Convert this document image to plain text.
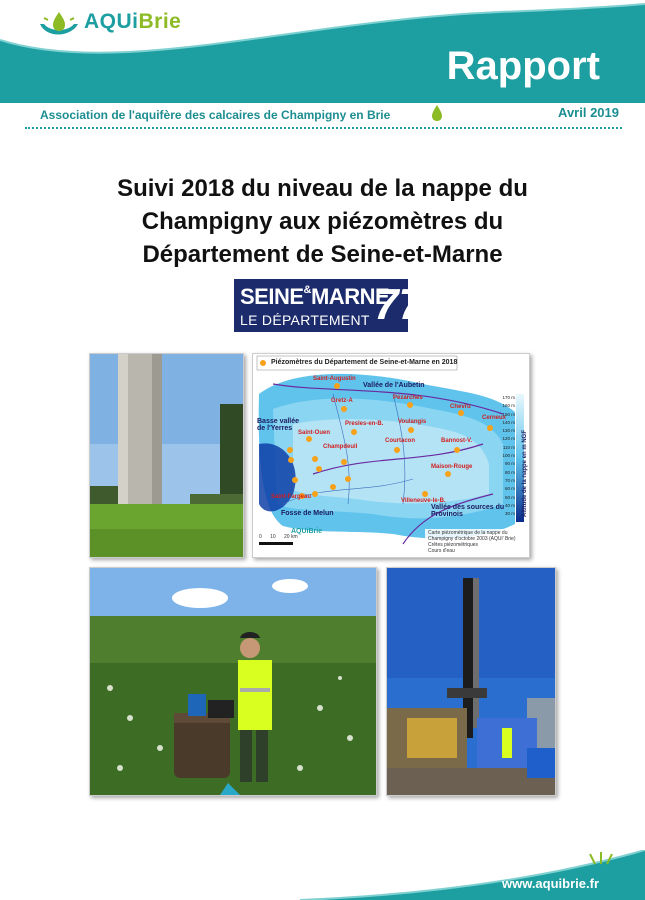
AQUiBrie
Rapport
Association de l'aquifère des calcaires de Champigny en Brie	Avril 2019
Suivi 2018 du niveau de la nappe du
Champigny aux piézomètres du
Département de Seine-et-Marne
SEINE&MARNE
LE DÉPARTEMENT 77
Piézomètres du Département de Seine-et-Marne en 2018
Vallée de l'Aubetin
Basse vallée de l'Yerres
Fosse de Melun
Vallée des sources du Provinois
Saint-Augustin
Gretz-A	Pézarches
Chevru
Cerneux
Presles-en-B. Voulangis
Saint-Ouen
Courtacon	Bannost-V.
Champdeuil
Maison-Rouge
Villeneuve-le-B.
Saint-Fargeau	Altitude de la nappe en m NGF
170 m
160 m
150 m
140 m
130 m
120 m
110 m
100 m
90 m
80 m
70 m
60 m
50 m
40 m
30 m
Carte piézométrique de la nappe du Champigny d'octobre 2003 (AQUi' Brie)
Crêtes piézométriques
Cours d'eau
0 10 20 km
AQUiBrie
www.aquibrie.fr
